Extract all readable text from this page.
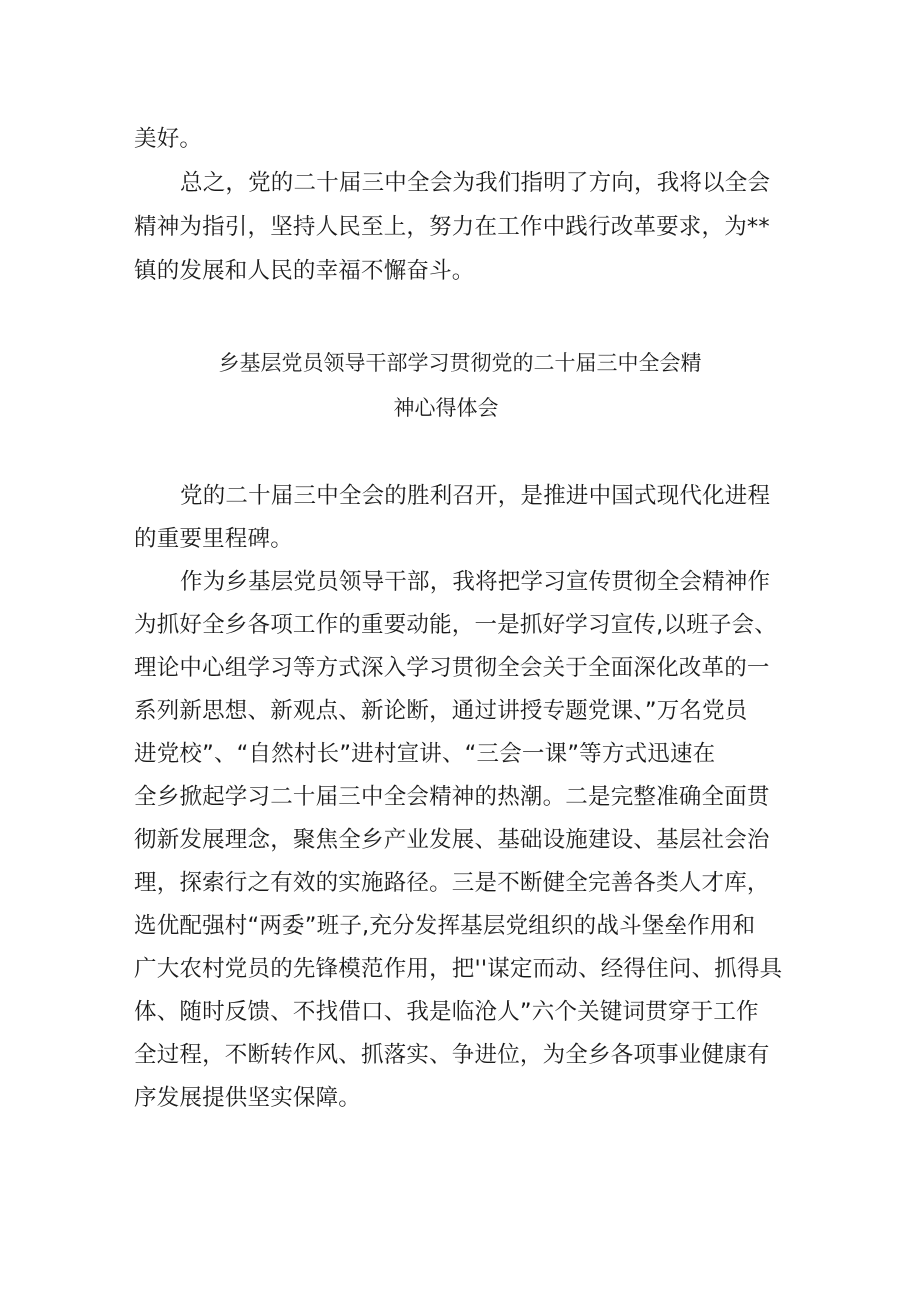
美好。
总之，党的二十届三中全会为我们指明了方向，我将以全会
精神为指引，坚持人民至上，努力在工作中践行改革要求，为**
镇的发展和人民的幸福不懈奋斗。
乡基层党员领导干部学习贯彻党的二十届三中全会精
神心得体会
党的二十届三中全会的胜利召开，是推进中国式现代化进程
的重要里程碑。
作为乡基层党员领导干部，我将把学习宣传贯彻全会精神作
为抓好全乡各项工作的重要动能，一是抓好学习宣传,以班子会、
理论中心组学习等方式深入学习贯彻全会关于全面深化改革的一
系列新思想、新观点、新论断，通过讲授专题党课、”万名党员
进党校”、“自然村长”进村宣讲、“三会一课”等方式迅速在
全乡掀起学习二十届三中全会精神的热潮。二是完整准确全面贯
彻新发展理念，聚焦全乡产业发展、基础设施建设、基层社会治
理，探索行之有效的实施路径。三是不断健全完善各类人才库，
选优配强村“两委”班子,充分发挥基层党组织的战斗堡垒作用和
广大农村党员的先锋模范作用，把''谋定而动、经得住问、抓得具
体、随时反馈、不找借口、我是临沧人”六个关键词贯穿于工作
全过程，不断转作风、抓落实、争进位，为全乡各项事业健康有
序发展提供坚实保障。
